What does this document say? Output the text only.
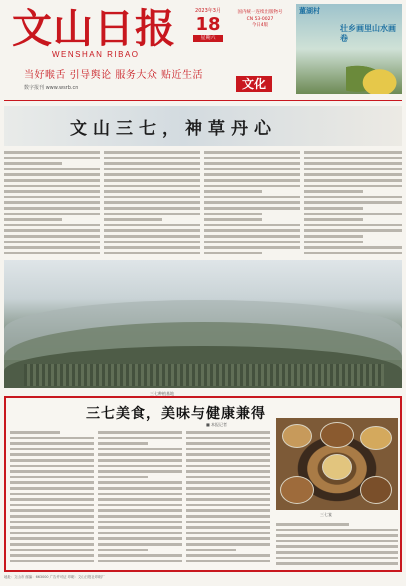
文山日报
WENSHAN RIBAO
当好喉舌 引导舆论 服务大众 贴近生活
数字报刊 www.wsrb.cn
2023年3月
18
星期六
国内统一连续出版物号
CN 53-0027
今日4版
文化
董湖村
壮乡画里山水画卷
文山三七，神草丹心
三七种植基地
三七美食，美味与健康兼得
■ 本报记者
三七宴
地址：文山市 邮编：663000 广告许可证 印刷：文山日报社印刷厂
